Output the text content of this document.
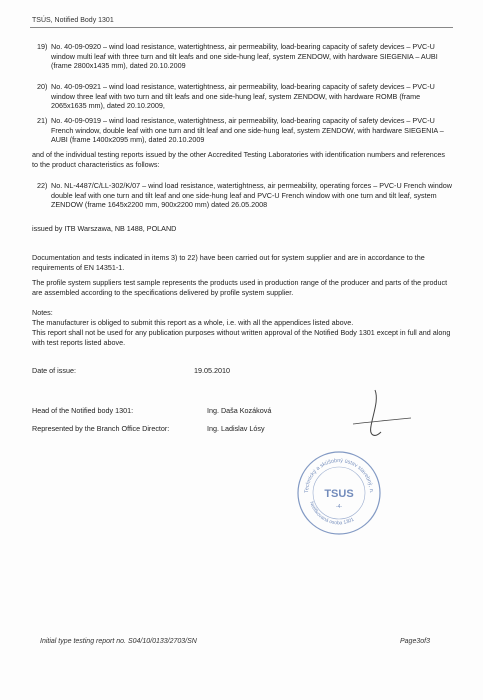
TSÚS, Notified Body 1301
19) No. 40-09-0920 – wind load resistance, watertightness, air permeability, load-bearing capacity of safety devices – PVC-U window multi leaf with three turn and tilt leafs and one side-hung leaf, system ZENDOW, with hardware SIEGENIA – AUBI (frame 2800x1435 mm), dated 20.10.2009
20) No. 40-09-0921 – wind load resistance, watertightness, air permeability, load-bearing capacity of safety devices – PVC-U window three leaf with two turn and tilt leafs and one side-hung leaf, system ZENDOW, with hardware ROMB (frame 2065x1635 mm), dated 20.10.2009,
21) No. 40-09-0919 – wind load resistance, watertightness, air permeability, load-bearing capacity of safety devices – PVC-U French window, double leaf with one turn and tilt leaf and one side-hung leaf, system ZENDOW, with hardware SIEGENIA – AUBI (frame 1400x2095 mm), dated 20.10.2009
and of the individual testing reports issued by the other Accredited Testing Laboratories with identification numbers and references to the product characteristics as follows:
22) No. NL-4487/C/LL-302/K/07 – wind load resistance, watertightness, air permeability, operating forces – PVC-U French window double leaf with one turn and tilt leaf and one side-hung leaf and PVC-U French window with one turn and tilt leaf, system ZENDOW (frame 1645x2200 mm, 900x2200 mm) dated 26.05.2008
issued by ITB Warszawa, NB 1488, POLAND
Documentation and tests indicated in items 3) to 22) have been carried out for system supplier and are in accordance to the requirements of EN 14351-1.
The profile system suppliers test sample represents the products used in production range of the producer and parts of the product are assembled according to the specifications delivered by profile system supplier.
Notes:
The manufacturer is obliged to submit this report as a whole, i.e. with all the appendices listed above.
This report shall not be used for any publication purposes without written approval of the Notified Body 1301 except in full and along with test reports listed above.
Date of issue:	19.05.2010
Head of the Notified body 1301:	Ing. Daša Kozáková
Represented by the Branch Office Director:	Ing. Ladislav Lósy
Technický a skúšobný ústav stavebný, n.
Notifikovaná osoba 1301
TSUS
-4-
Initial type testing report no. S04/10/0133/2703/SN	Page3of3
